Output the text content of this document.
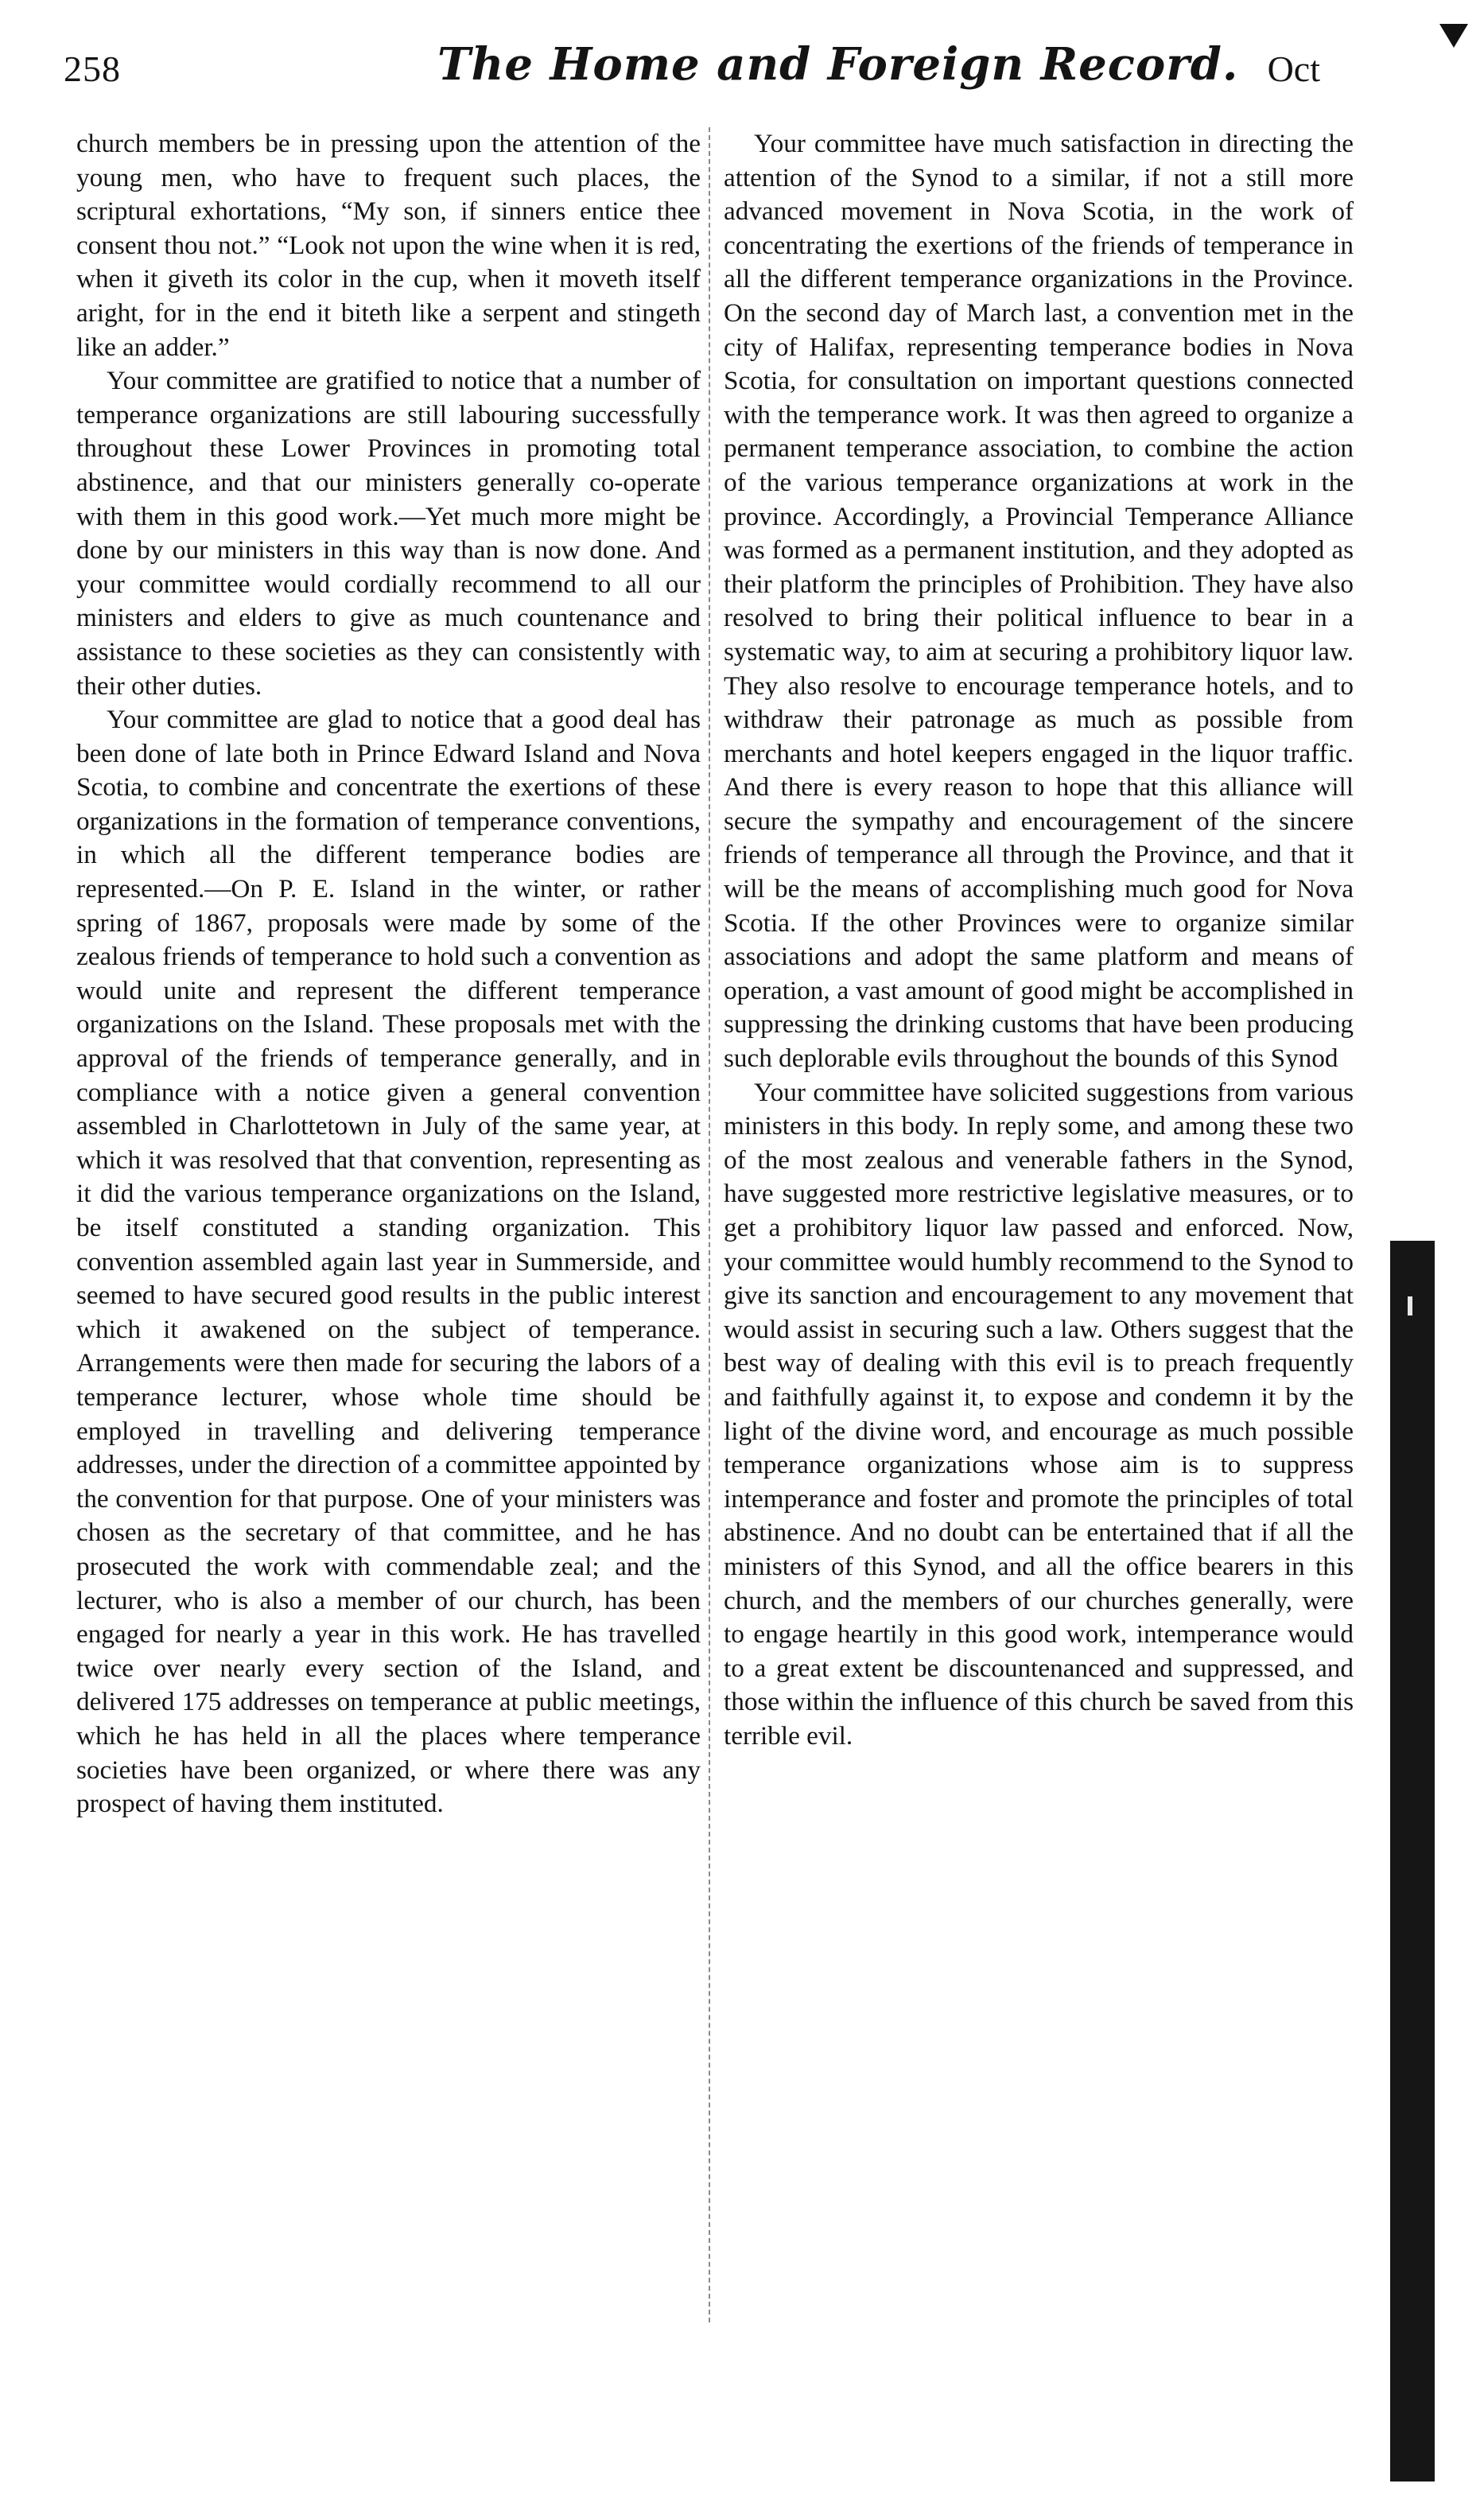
258	The Home and Foreign Record. Oct

church members be in pressing upon the attention of the young men, who have to frequent such places, the scriptural exhortations, “My son, if sinners entice thee consent thou not.” “Look not upon the wine when it is red, when it giveth its color in the cup, when it moveth itself aright, for in the end it biteth like a serpent and stingeth like an adder.”

Your committee are gratified to notice that a number of temperance organizations are still labouring successfully throughout these Lower Provinces in promoting total abstinence, and that our ministers generally co-operate with them in this good work.—Yet much more might be done by our ministers in this way than is now done. And your committee would cordially recommend to all our ministers and elders to give as much countenance and assistance to these societies as they can consistently with their other duties.

Your committee are glad to notice that a good deal has been done of late both in Prince Edward Island and Nova Scotia, to combine and concentrate the exertions of these organizations in the formation of temperance conventions, in which all the different temperance bodies are represented.—On P. E. Island in the winter, or rather spring of 1867, proposals were made by some of the zealous friends of temperance to hold such a convention as would unite and represent the different temperance organizations on the Island. These proposals met with the approval of the friends of temperance generally, and in compliance with a notice given a general convention assembled in Charlottetown in July of the same year, at which it was resolved that that convention, representing as it did the various temperance organizations on the Island, be itself constituted a standing organization. This convention assembled again last year in Summerside, and seemed to have secured good results in the public interest which it awakened on the subject of temperance. Arrangements were then made for securing the labors of a temperance lecturer, whose whole time should be employed in travelling and delivering temperance addresses, under the direction of a committee appointed by the convention for that purpose. One of your ministers was chosen as the secretary of that committee, and he has prosecuted the work with commendable zeal; and the lecturer, who is also a member of our church, has been engaged for nearly a year in this work. He has travelled twice over nearly every section of the Island, and delivered 175 addresses on temperance at public meetings, which he has held in all the places where temperance societies have been organized, or where there was any prospect of having them instituted.

Your committee have much satisfaction in directing the attention of the Synod to a similar, if not a still more advanced movement in Nova Scotia, in the work of concentrating the exertions of the friends of temperance in all the different temperance organizations in the Province. On the second day of March last, a convention met in the city of Halifax, representing temperance bodies in Nova Scotia, for consultation on important questions connected with the temperance work. It was then agreed to organize a permanent temperance association, to combine the action of the various temperance organizations at work in the province. Accordingly, a Provincial Temperance Alliance was formed as a permanent institution, and they adopted as their platform the principles of Prohibition. They have also resolved to bring their political influence to bear in a systematic way, to aim at securing a prohibitory liquor law. They also resolve to encourage temperance hotels, and to withdraw their patronage as much as possible from merchants and hotel keepers engaged in the liquor traffic. And there is every reason to hope that this alliance will secure the sympathy and encouragement of the sincere friends of temperance all through the Province, and that it will be the means of accomplishing much good for Nova Scotia. If the other Provinces were to organize similar associations and adopt the same platform and means of operation, a vast amount of good might be accomplished in suppressing the drinking customs that have been producing such deplorable evils throughout the bounds of this Synod

Your committee have solicited suggestions from various ministers in this body. In reply some, and among these two of the most zealous and venerable fathers in the Synod, have suggested more restrictive legislative measures, or to get a prohibitory liquor law passed and enforced. Now, your committee would humbly recommend to the Synod to give its sanction and encouragement to any movement that would assist in securing such a law. Others suggest that the best way of dealing with this evil is to preach frequently and faithfully against it, to expose and condemn it by the light of the divine word, and encourage as much possible temperance organizations whose aim is to suppress intemperance and foster and promote the principles of total abstinence. And no doubt can be entertained that if all the ministers of this Synod, and all the office bearers in this church, and the members of our churches generally, were to engage heartily in this good work, intemperance would to a great extent be discountenanced and suppressed, and those within the influence of this church be saved from this terrible evil.
